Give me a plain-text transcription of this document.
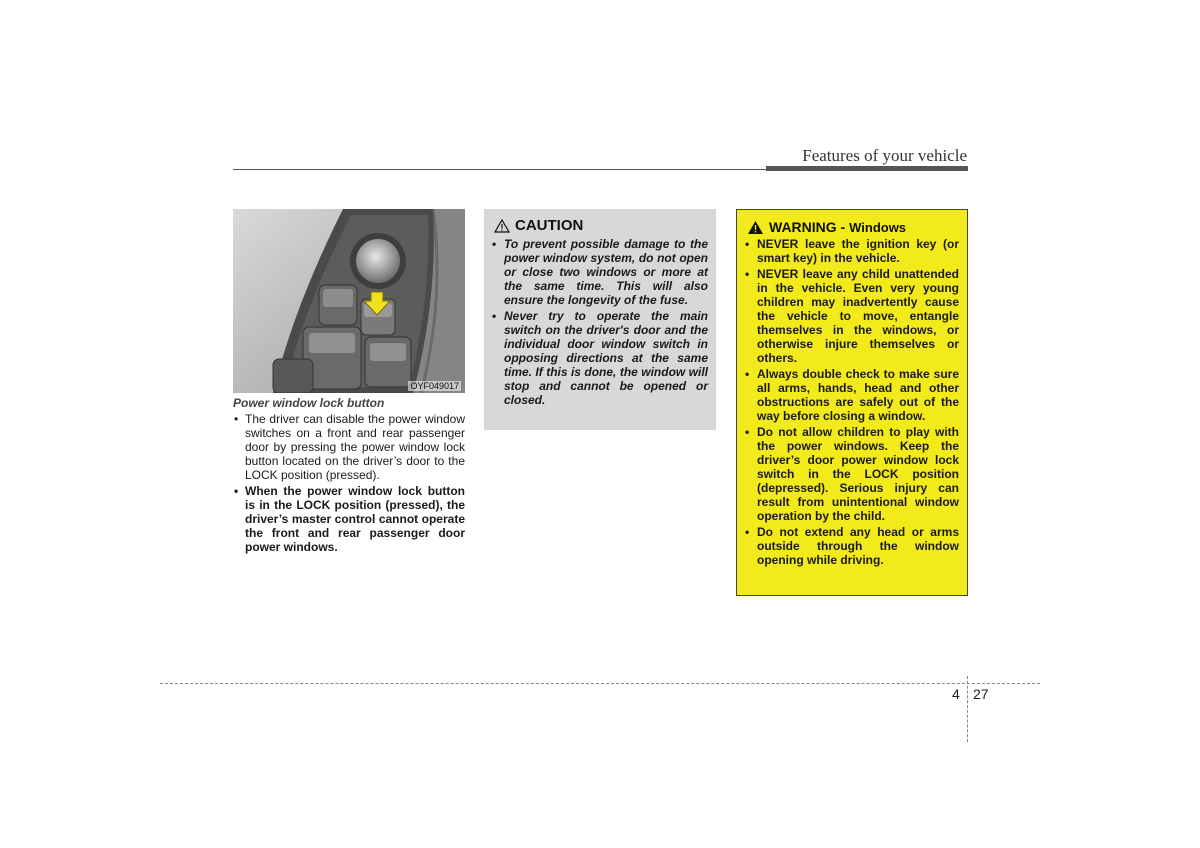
Features of your vehicle
OYF049017
Power window lock button
• The driver can disable the power window switches on a front and rear passenger door by pressing the power window lock button located on the driver’s door to the LOCK position (pressed).
• When the power window lock button is in the LOCK position (pressed), the driver’s master control cannot operate the front and rear passenger door power windows.
CAUTION
• To prevent possible damage to the power window system, do not open or close two windows or more at the same time. This will also ensure the longevity of the fuse.
• Never try to operate the main switch on the driver's door and the individual door window switch in opposing directions at the same time. If this is done, the window will stop and cannot be opened or closed.
WARNING - Windows
• NEVER leave the ignition key (or smart key) in the vehicle.
• NEVER leave any child unattended in the vehicle. Even very young children may inadvertently cause the vehicle to move, entangle themselves in the windows, or otherwise injure themselves or others.
• Always double check to make sure all arms, hands, head and other obstructions are safely out of the way before closing a window.
• Do not allow children to play with the power windows. Keep the driver’s door power window lock switch in the LOCK position (depressed). Serious injury can result from unintentional window operation by the child.
• Do not extend any head or arms outside through the window opening while driving.
4 27
